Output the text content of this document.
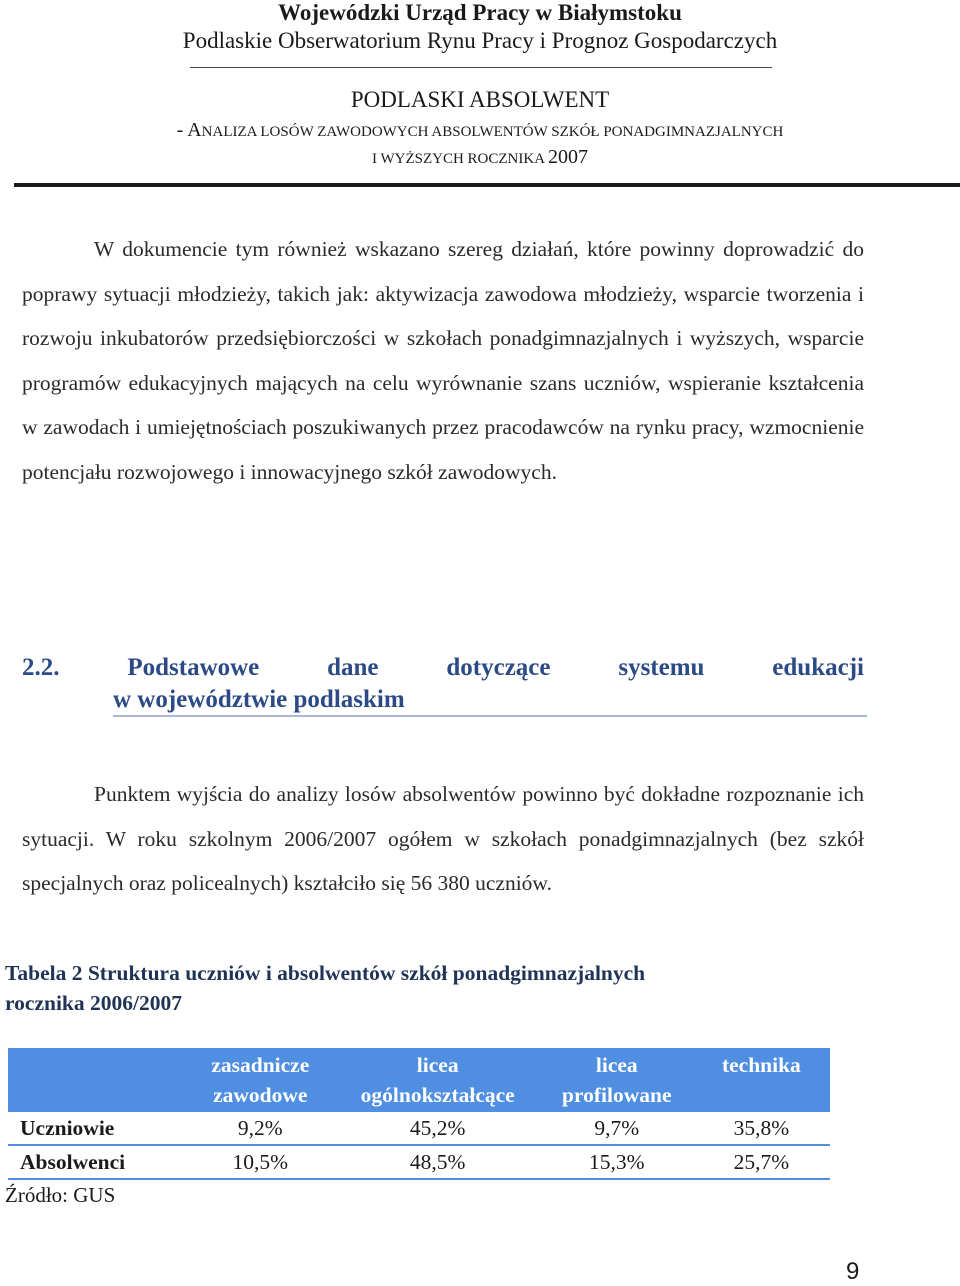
Wojewódzki Urząd Pracy w Białymstoku
Podlaskie Obserwatorium Rynu Pracy i Prognoz Gospodarczych
PODLASKI ABSOLWENT
- ANALIZA LOSÓW ZAWODOWYCH ABSOLWENTÓW SZKÓŁ PONADGIMNAZJALNYCH
I WYŻSZYCH ROCZNIKA 2007

W dokumencie tym również wskazano szereg działań, które powinny doprowadzić do poprawy sytuacji młodzieży, takich jak: aktywizacja zawodowa młodzieży, wsparcie tworzenia i rozwoju inkubatorów przedsiębiorczości w szkołach ponadgimnazjalnych i wyższych, wsparcie programów edukacyjnych mających na celu wyrównanie szans uczniów, wspieranie kształcenia w zawodach i umiejętnościach poszukiwanych przez pracodawców na rynku pracy, wzmocnienie potencjału rozwojowego i innowacyjnego szkół zawodowych.

2.2.	Podstawowe	dane	dotyczące	systemu	edukacji
w województwie podlaskim

Punktem wyjścia do analizy losów absolwentów powinno być dokładne rozpoznanie ich sytuacji. W roku szkolnym 2006/2007 ogółem w szkołach ponadgimnazjalnych (bez szkół specjalnych oraz policealnych) kształciło się 56 380 uczniów.

Tabela 2 Struktura uczniów i absolwentów szkół ponadgimnazjalnych
rocznika 2006/2007
	zasadnicze zawodowe	licea ogólnokształcące	licea profilowane	technika
Uczniowie	9,2%	45,2%	9,7%	35,8%
Absolwenci	10,5%	48,5%	15,3%	25,7%
Źródło: GUS
9
